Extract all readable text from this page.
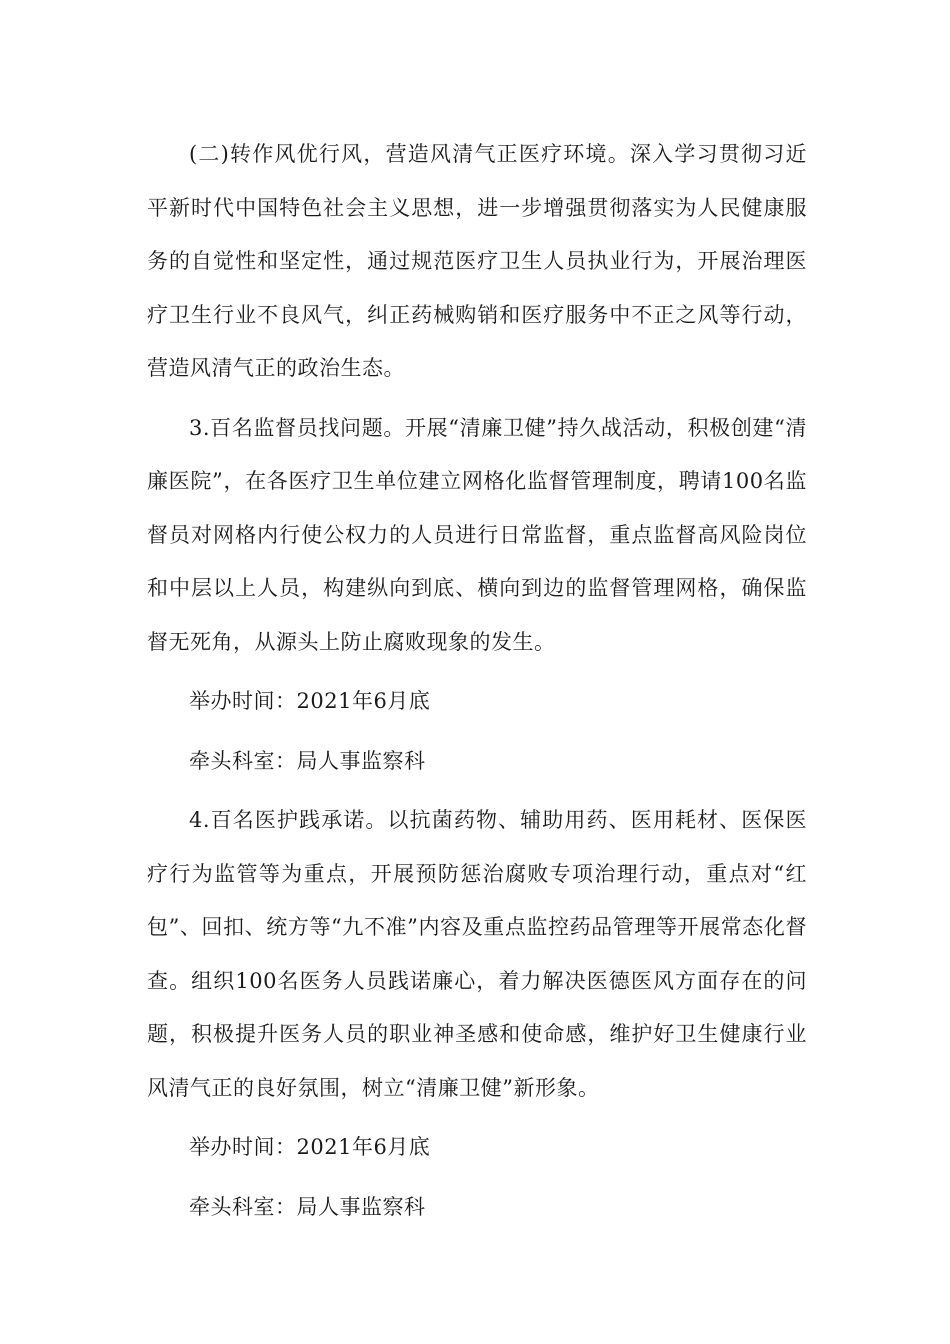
(二)转作风优行风，营造风清气正医疗环境。深入学习贯彻习近平新时代中国特色社会主义思想，进一步增强贯彻落实为人民健康服务的自觉性和坚定性，通过规范医疗卫生人员执业行为，开展治理医疗卫生行业不良风气，纠正药械购销和医疗服务中不正之风等行动，营造风清气正的政治生态。

3.百名监督员找问题。开展“清廉卫健”持久战活动，积极创建“清廉医院”，在各医疗卫生单位建立网格化监督管理制度，聘请100名监督员对网格内行使公权力的人员进行日常监督，重点监督高风险岗位和中层以上人员，构建纵向到底、横向到边的监督管理网格，确保监督无死角，从源头上防止腐败现象的发生。

举办时间：2021年6月底

牵头科室：局人事监察科

4.百名医护践承诺。以抗菌药物、辅助用药、医用耗材、医保医疗行为监管等为重点，开展预防惩治腐败专项治理行动，重点对“红包”、回扣、统方等“九不准”内容及重点监控药品管理等开展常态化督查。组织100名医务人员践诺廉心，着力解决医德医风方面存在的问题，积极提升医务人员的职业神圣感和使命感，维护好卫生健康行业风清气正的良好氛围，树立“清廉卫健”新形象。

举办时间：2021年6月底

牵头科室：局人事监察科
